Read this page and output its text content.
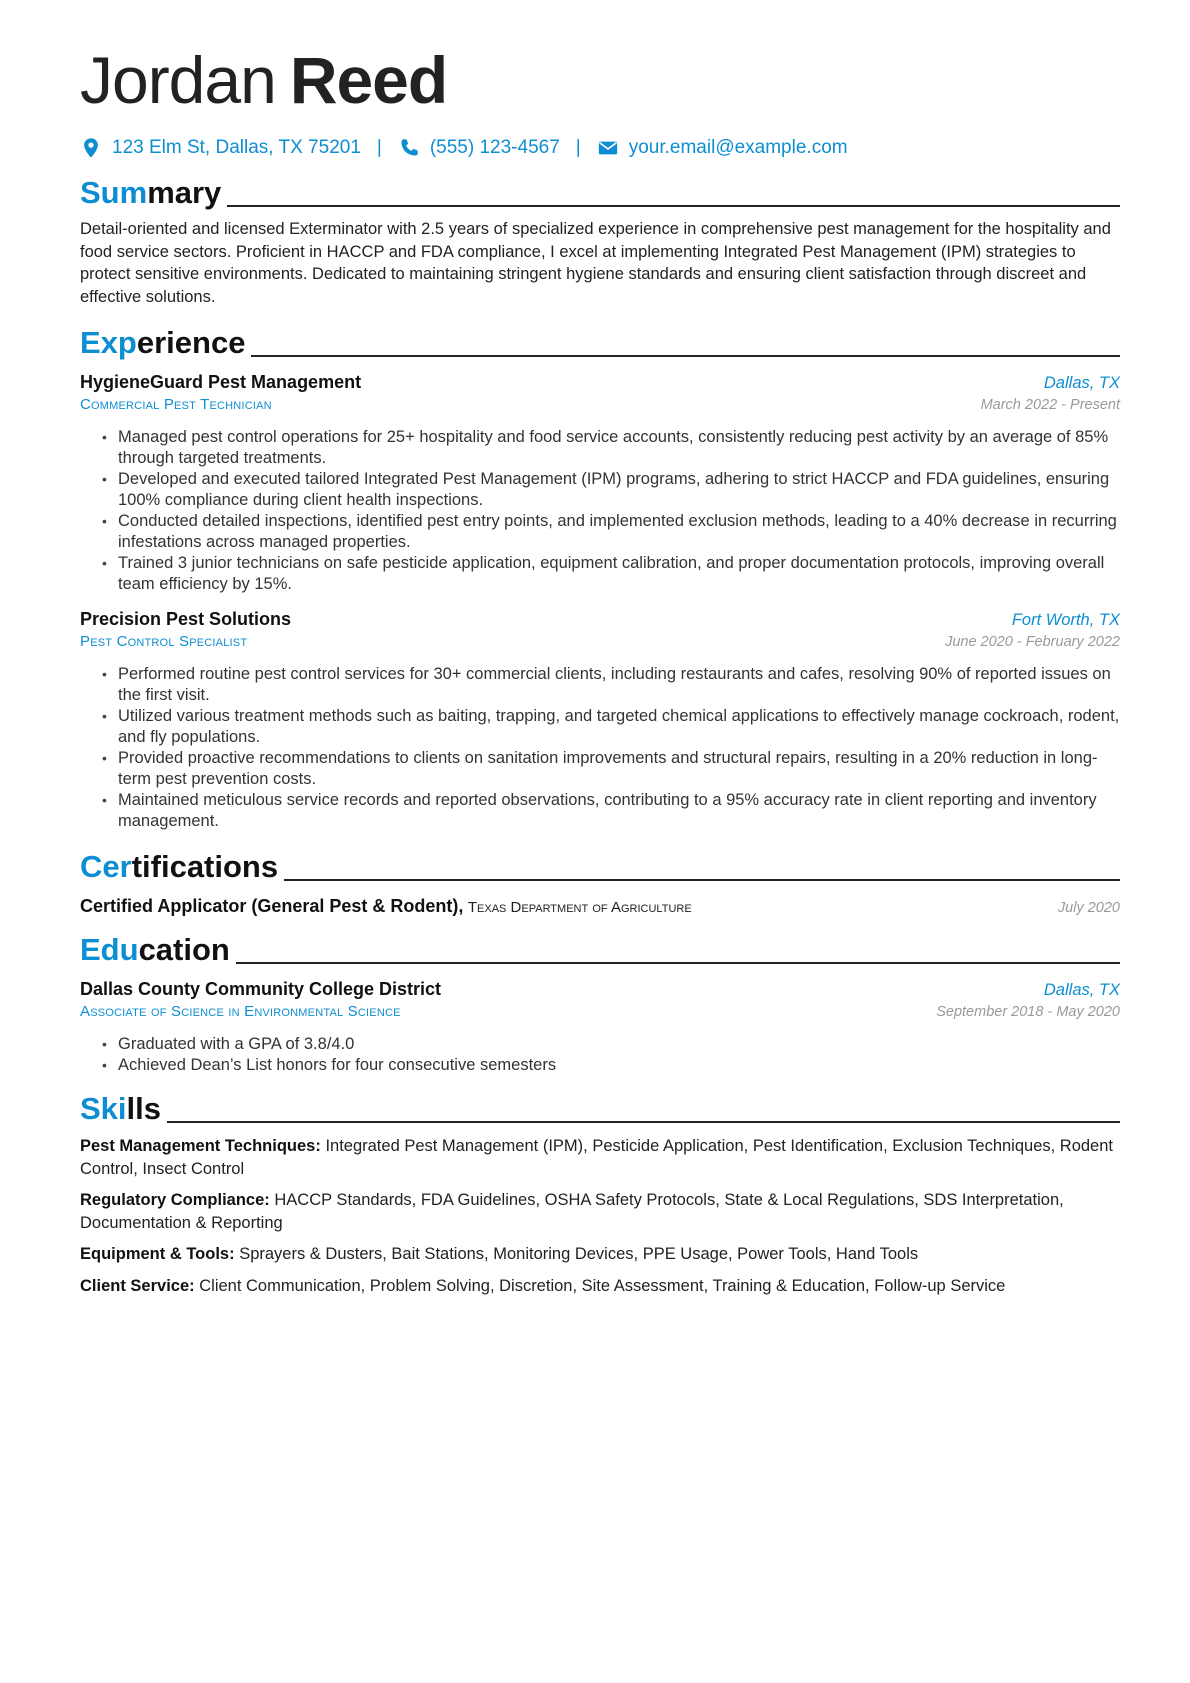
Jordan Reed
123 Elm St, Dallas, TX 75201 |	(555) 123-4567 |	your.email@example.com
Summary
Detail-oriented and licensed Exterminator with 2.5 years of specialized experience in comprehensive pest management for the hospitality and food service sectors. Proficient in HACCP and FDA compliance, I excel at implementing Integrated Pest Management (IPM) strategies to protect sensitive environments. Dedicated to maintaining stringent hygiene standards and ensuring client satisfaction through discreet and effective solutions.
Experience
HygieneGuard Pest Management	Dallas, TX
Commercial Pest Technician	March 2022 - Present
• Managed pest control operations for 25+ hospitality and food service accounts, consistently reducing pest activity by an average of 85% through targeted treatments.
• Developed and executed tailored Integrated Pest Management (IPM) programs, adhering to strict HACCP and FDA guidelines, ensuring 100% compliance during client health inspections.
• Conducted detailed inspections, identified pest entry points, and implemented exclusion methods, leading to a 40% decrease in recurring infestations across managed properties.
• Trained 3 junior technicians on safe pesticide application, equipment calibration, and proper documentation protocols, improving overall team efficiency by 15%.
Precision Pest Solutions	Fort Worth, TX
Pest Control Specialist	June 2020 - February 2022
• Performed routine pest control services for 30+ commercial clients, including restaurants and cafes, resolving 90% of reported issues on the first visit.
• Utilized various treatment methods such as baiting, trapping, and targeted chemical applications to effectively manage cockroach, rodent, and fly populations.
• Provided proactive recommendations to clients on sanitation improvements and structural repairs, resulting in a 20% reduction in long-term pest prevention costs.
• Maintained meticulous service records and reported observations, contributing to a 95% accuracy rate in client reporting and inventory management.
Certifications
Certified Applicator (General Pest & Rodent), Texas Department of Agriculture	July 2020
Education
Dallas County Community College District	Dallas, TX
Associate of Science in Environmental Science	September 2018 - May 2020
• Graduated with a GPA of 3.8/4.0
• Achieved Dean’s List honors for four consecutive semesters
Skills
Pest Management Techniques: Integrated Pest Management (IPM), Pesticide Application, Pest Identification, Exclusion Techniques, Rodent Control, Insect Control
Regulatory Compliance: HACCP Standards, FDA Guidelines, OSHA Safety Protocols, State & Local Regulations, SDS Interpretation, Documentation & Reporting
Equipment & Tools: Sprayers & Dusters, Bait Stations, Monitoring Devices, PPE Usage, Power Tools, Hand Tools
Client Service: Client Communication, Problem Solving, Discretion, Site Assessment, Training & Education, Follow-up Service
